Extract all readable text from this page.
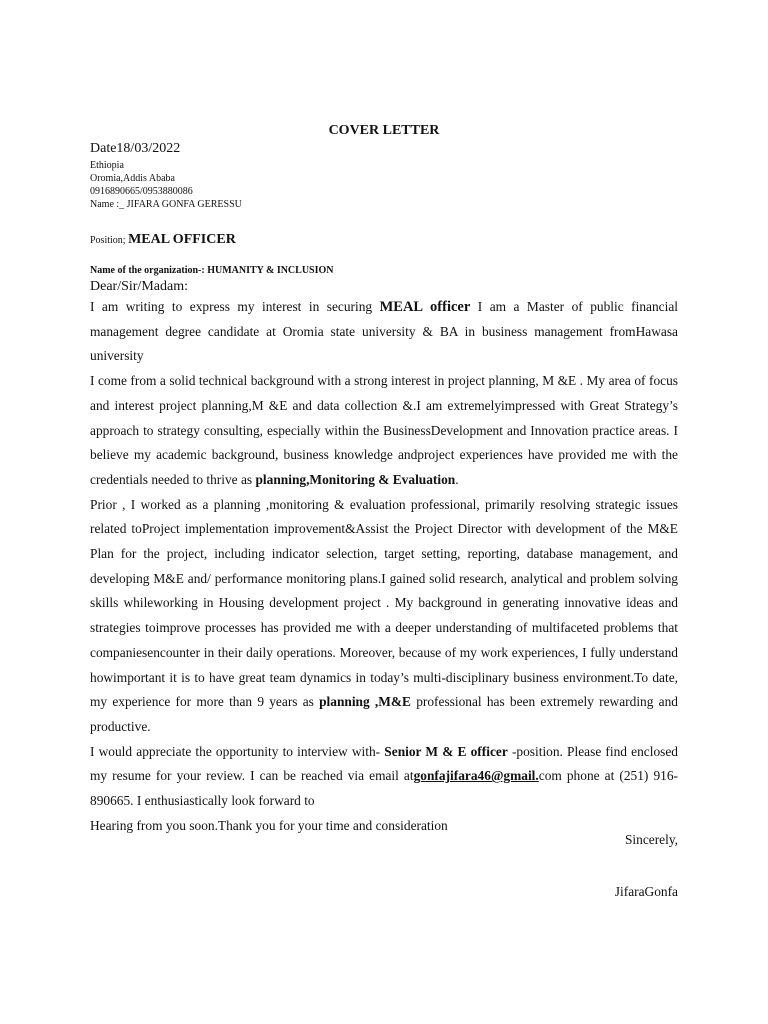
COVER LETTER
Date18/03/2022
Ethiopia
Oromia,Addis Ababa
0916890665/0953880086
Name :_ JIFARA GONFA GERESSU
Position; MEAL OFFICER
Name of the organization-: HUMANITY & INCLUSION
Dear/Sir/Madam:

I am writing to express my interest in securing MEAL officer I am a Master of public financial management degree candidate at Oromia state university & BA in business management fromHawasa university

I come from a solid technical background with a strong interest in project planning, M &E . My area of focus and interest project planning,M &E and data collection &.I am extremelyimpressed with Great Strategy’s approach to strategy consulting, especially within the BusinessDevelopment and Innovation practice areas. I believe my academic background, business knowledge andproject experiences have provided me with the credentials needed to thrive as planning,Monitoring & Evaluation.

Prior , I worked as a planning ,monitoring & evaluation professional, primarily resolving strategic issues related toProject implementation improvement&Assist the Project Director with development of the M&E Plan for the project, including indicator selection, target setting, reporting, database management, and developing M&E and/ performance monitoring plans.I gained solid research, analytical and problem solving skills whileworking in Housing development project . My background in generating innovative ideas and strategies toimprove processes has provided me with a deeper understanding of multifaceted problems that companiesencounter in their daily operations. Moreover, because of my work experiences, I fully understand howimportant it is to have great team dynamics in today’s multi-disciplinary business environment.To date, my experience for more than 9 years as planning ,M&E professional has been extremely rewarding and productive.

I would appreciate the opportunity to interview with- Senior M & E officer -position. Please find enclosed my resume for your review. I can be reached via email atgonfajifara46@gmail.com phone at (251) 916-890665. I enthusiastically look forward to

Hearing from you soon.Thank you for your time and consideration

Sincerely,
JifaraGonfa
